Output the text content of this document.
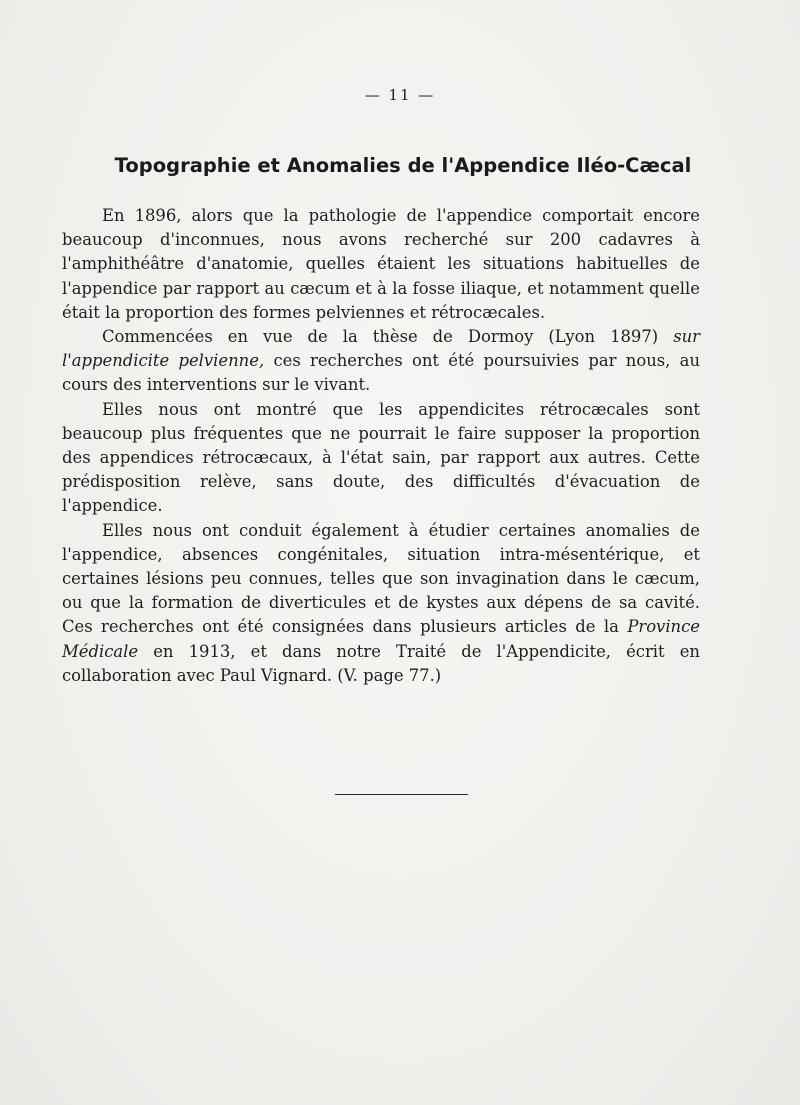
— 11 —
Topographie et Anomalies de l'Appendice Iléo-Cæcal

En 1896, alors que la pathologie de l'appendice comportait encore beaucoup d'inconnues, nous avons recherché sur 200 cadavres à l'amphithéâtre d'anatomie, quelles étaient les situations habituelles de l'appendice par rapport au cæcum et à la fosse iliaque, et notamment quelle était la proportion des formes pelviennes et rétrocæcales.

Commencées en vue de la thèse de Dormoy (Lyon 1897) sur l'appendicite pelvienne, ces recherches ont été poursuivies par nous, au cours des interventions sur le vivant.

Elles nous ont montré que les appendicites rétrocæcales sont beaucoup plus fréquentes que ne pourrait le faire supposer la proportion des appendices rétrocæcaux, à l'état sain, par rapport aux autres. Cette prédisposition relève, sans doute, des difficultés d'évacuation de l'appendice.

Elles nous ont conduit également à étudier certaines anomalies de l'appendice, absences congénitales, situation intra-mésentérique, et certaines lésions peu connues, telles que son invagination dans le cæcum, ou que la formation de diverticules et de kystes aux dépens de sa cavité. Ces recherches ont été consignées dans plusieurs articles de la Province Médicale en 1913, et dans notre Traité de l'Appendicite, écrit en collaboration avec Paul Vignard. (V. page 77.)
